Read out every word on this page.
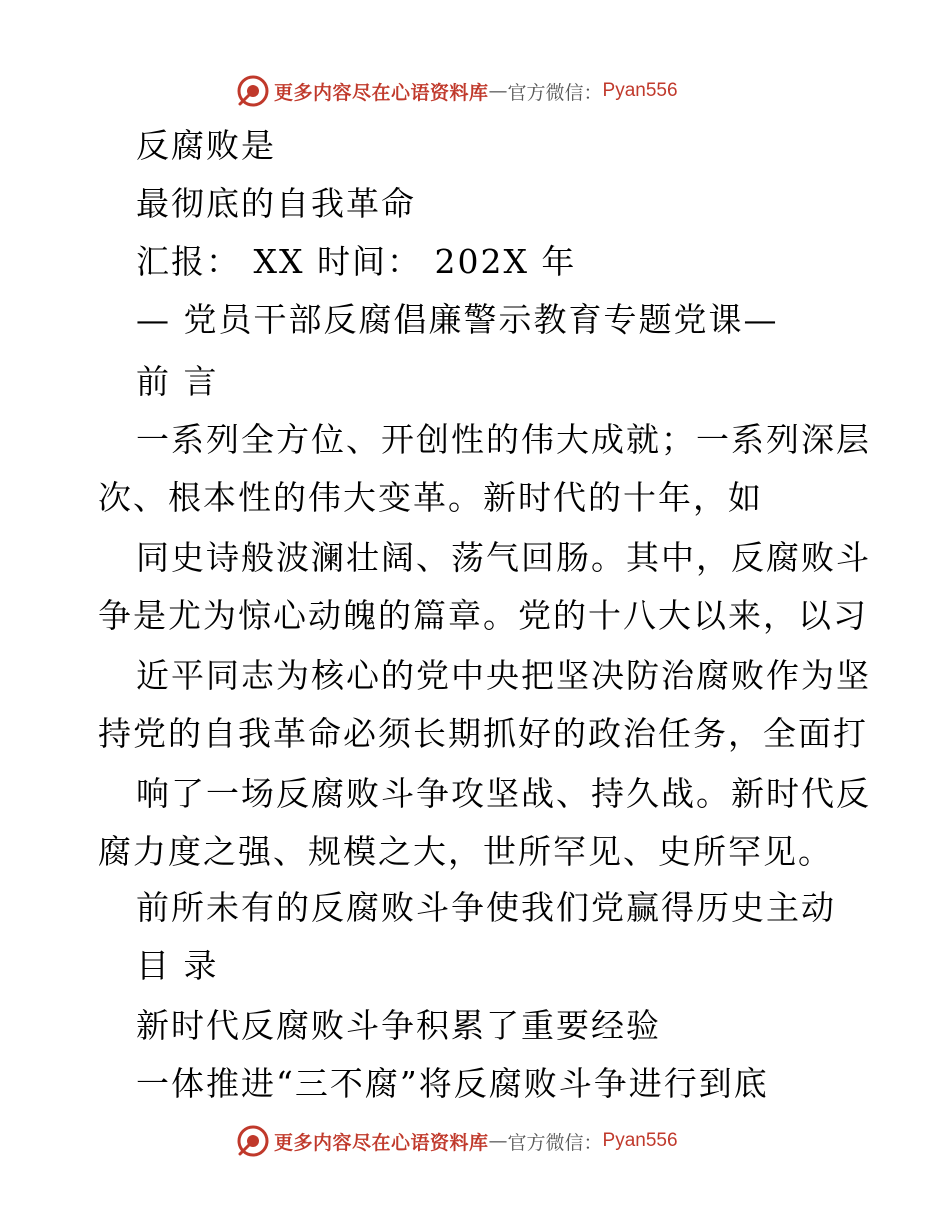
更多内容尽在心语资料库 — 官方微信： Pyan556
反腐败是
最彻底的自我革命
汇报： XX 时间： 202X 年
— 党员干部反腐倡廉警示教育专题党课—
前 言
一系列全方位、开创性的伟大成就；一系列深层
次、根本性的伟大变革。新时代的十年，如
同史诗般波澜壮阔、荡气回肠。其中，反腐败斗
争是尤为惊心动魄的篇章。党的十八大以来，以习
近平同志为核心的党中央把坚决防治腐败作为坚
持党的自我革命必须长期抓好的政治任务，全面打
响了一场反腐败斗争攻坚战、持久战。新时代反
腐力度之强、规模之大，世所罕见、史所罕见。
前所未有的反腐败斗争使我们党赢得历史主动
目 录
新时代反腐败斗争积累了重要经验
一体推进“三不腐”将反腐败斗争进行到底
更多内容尽在心语资料库 — 官方微信： Pyan556
